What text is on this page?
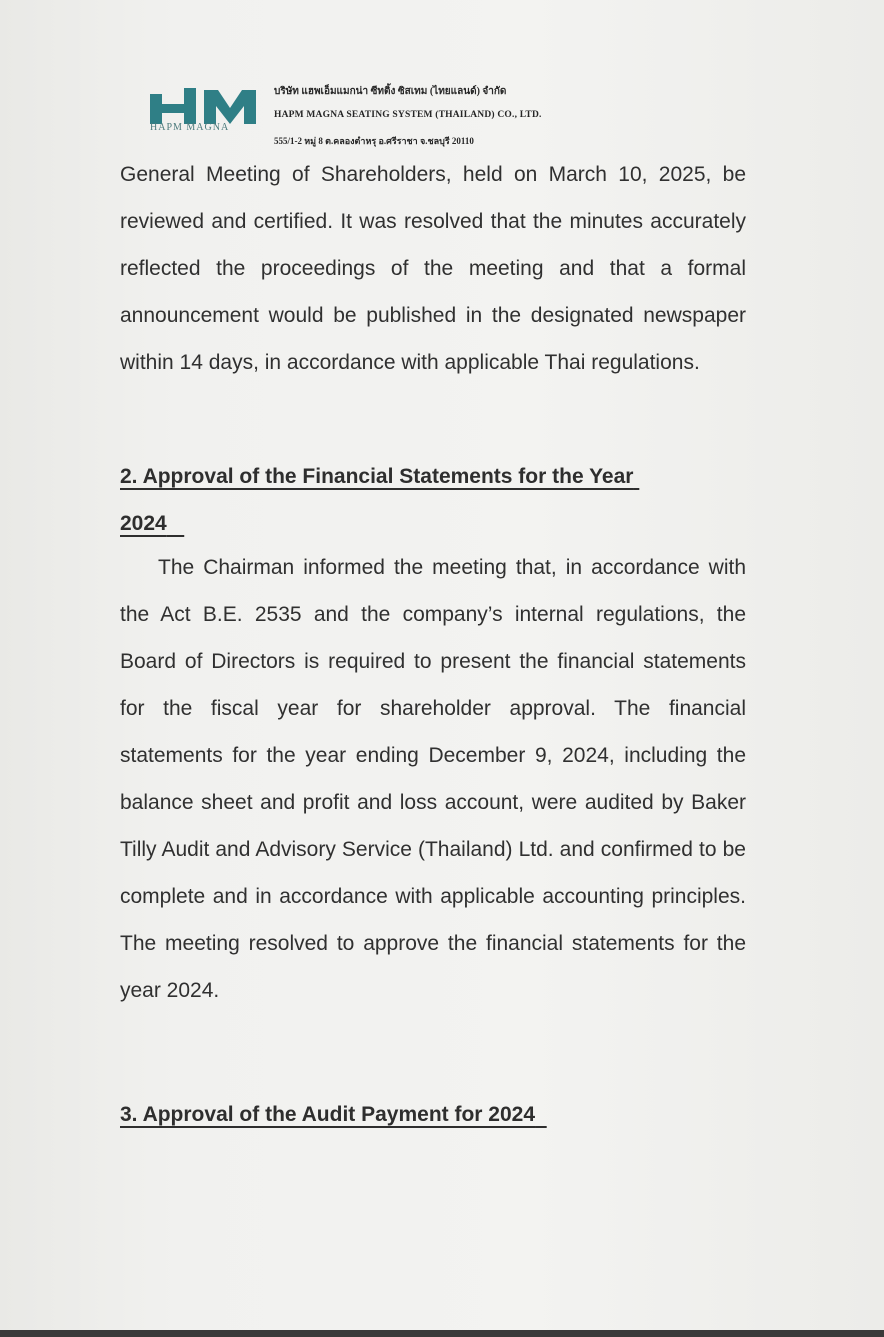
HAPM MAGNA
บริษัท แฮพเอ็มแมกน่า ซีทติ้ง ซิสเทม (ไทยแลนด์) จำกัด
HAPM MAGNA SEATING SYSTEM (THAILAND) CO., LTD.
555/1-2 หมู่ 8 ต.คลองตำหรุ อ.ศรีราชา จ.ชลบุรี 20110

General Meeting of Shareholders, held on March 10, 2025, be reviewed and certified. It was resolved that the minutes accurately reflected the proceedings of the meeting and that a formal announcement would be published in the designated newspaper within 14 days, in accordance with applicable Thai regulations.

2. Approval of the Financial Statements for the Year
2024

The Chairman informed the meeting that, in accordance with the Act B.E. 2535 and the company’s internal regulations, the Board of Directors is required to present the financial statements for the fiscal year for shareholder approval. The financial statements for the year ending December 9, 2024, including the balance sheet and profit and loss account, were audited by Baker Tilly Audit and Advisory Service (Thailand) Ltd. and confirmed to be complete and in accordance with applicable accounting principles. The meeting resolved to approve the financial statements for the year 2024.

3. Approval of the Audit Payment for 2024
